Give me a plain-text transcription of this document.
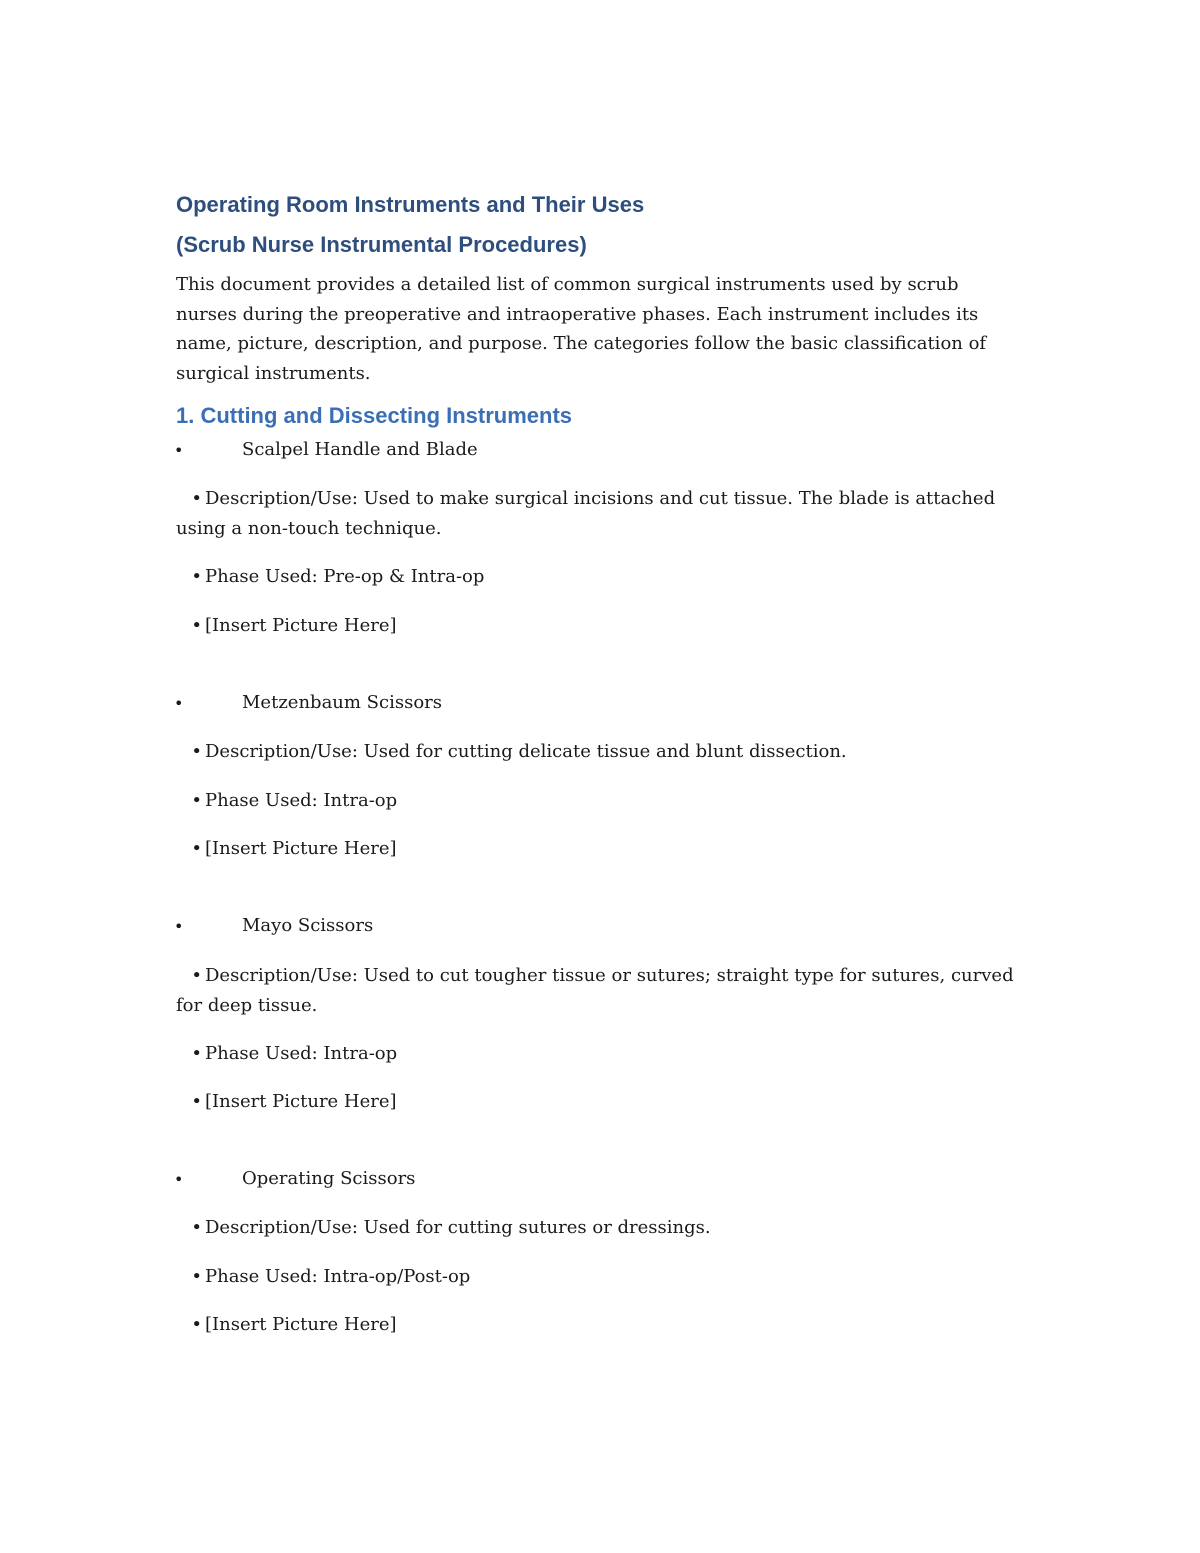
Operating Room Instruments and Their Uses
(Scrub Nurse Instrumental Procedures)

This document provides a detailed list of common surgical instruments used by scrub nurses during the preoperative and intraoperative phases. Each instrument includes its name, picture, description, and purpose. The categories follow the basic classification of surgical instruments.

1. Cutting and Dissecting Instruments
•	Scalpel Handle and Blade

• Description/Use: Used to make surgical incisions and cut tissue. The blade is attached using a non-touch technique.

• Phase Used: Pre-op & Intra-op

• [Insert Picture Here]

•	Metzenbaum Scissors

• Description/Use: Used for cutting delicate tissue and blunt dissection.

• Phase Used: Intra-op

• [Insert Picture Here]

•	Mayo Scissors

• Description/Use: Used to cut tougher tissue or sutures; straight type for sutures, curved for deep tissue.

• Phase Used: Intra-op

• [Insert Picture Here]

•	Operating Scissors

• Description/Use: Used for cutting sutures or dressings.

• Phase Used: Intra-op/Post-op

• [Insert Picture Here]
